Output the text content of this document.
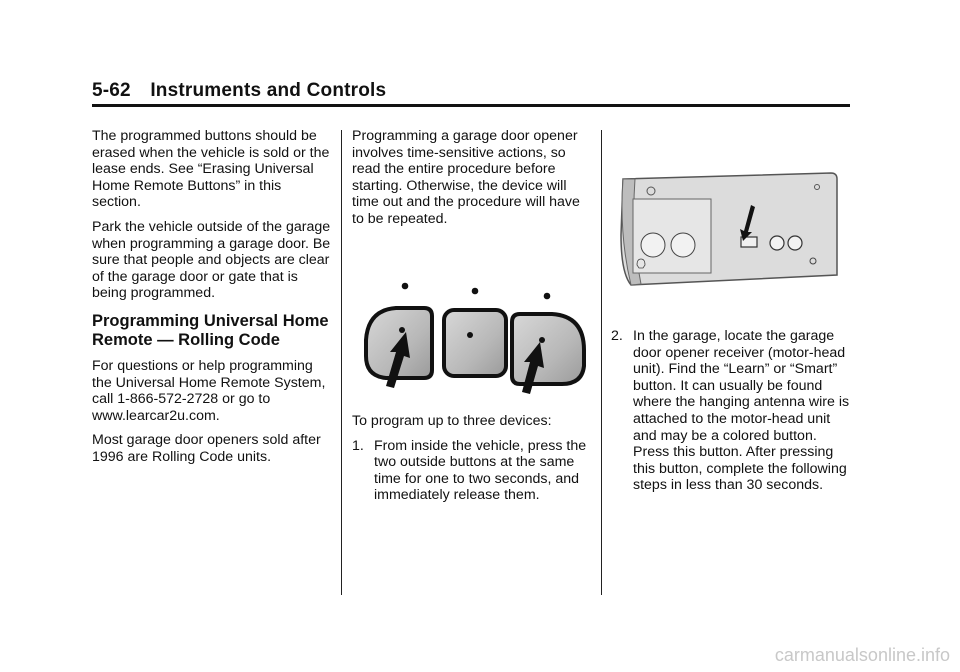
5-62 Instruments and Controls

The programmed buttons should be erased when the vehicle is sold or the lease ends. See “Erasing Universal Home Remote Buttons” in this section.

Park the vehicle outside of the garage when programming a garage door. Be sure that people and objects are clear of the garage door or gate that is being programmed.

Programming Universal Home Remote — Rolling Code

For questions or help programming the Universal Home Remote System, call 1-866-572-2728 or go to www.learcar2u.com.

Most garage door openers sold after 1996 are Rolling Code units.

Programming a garage door opener involves time-sensitive actions, so read the entire procedure before starting. Otherwise, the device will time out and the procedure will have to be repeated.

To program up to three devices:

1. From inside the vehicle, press the two outside buttons at the same time for one to two seconds, and immediately release them.
2. In the garage, locate the garage door opener receiver (motor-head unit). Find the “Learn” or “Smart” button. It can usually be found where the hanging antenna wire is attached to the motor-head unit and may be a colored button. Press this button. After pressing this button, complete the following steps in less than 30 seconds.
carmanualsonline.info
